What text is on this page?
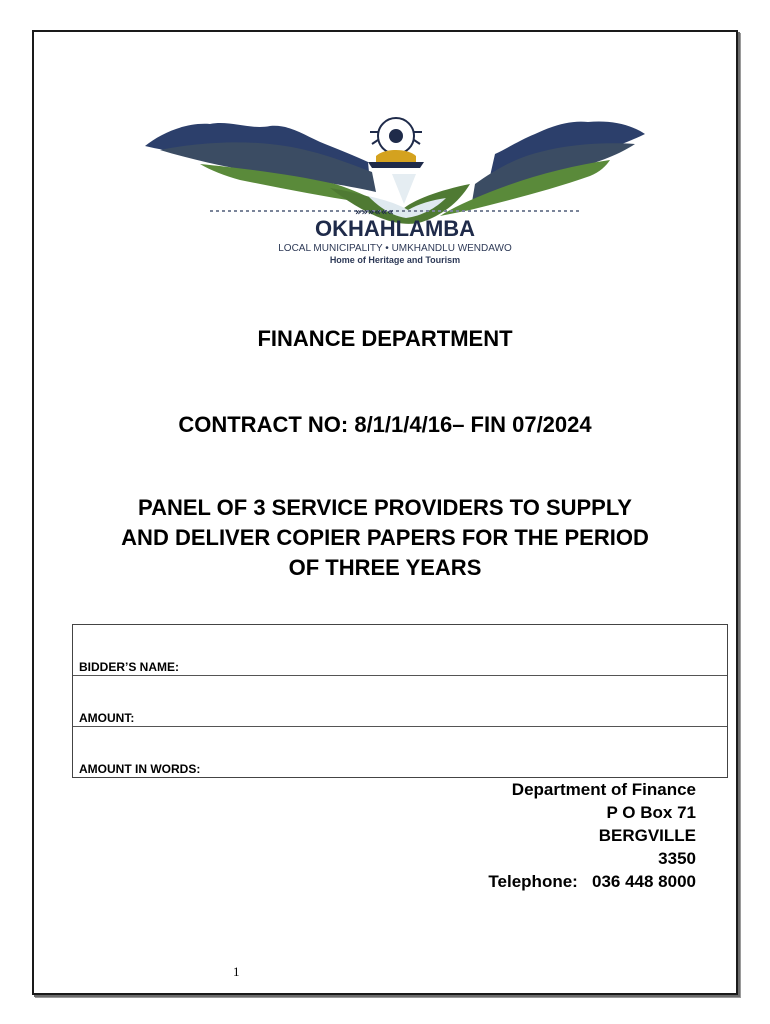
»»»«««
OKHAHLAMBA
LOCAL MUNICIPALITY • UMKHANDLU WENDAWO
Home of Heritage and Tourism
FINANCE DEPARTMENT
CONTRACT NO: 8/1/1/4/16– FIN 07/2024
PANEL OF 3 SERVICE PROVIDERS TO SUPPLY
AND DELIVER COPIER PAPERS FOR THE PERIOD
OF THREE YEARS
BIDDER’S NAME:
AMOUNT:
AMOUNT IN WORDS:
Department of Finance
P O Box 71
BERGVILLE
3350
Telephone:   036 448 8000
1
